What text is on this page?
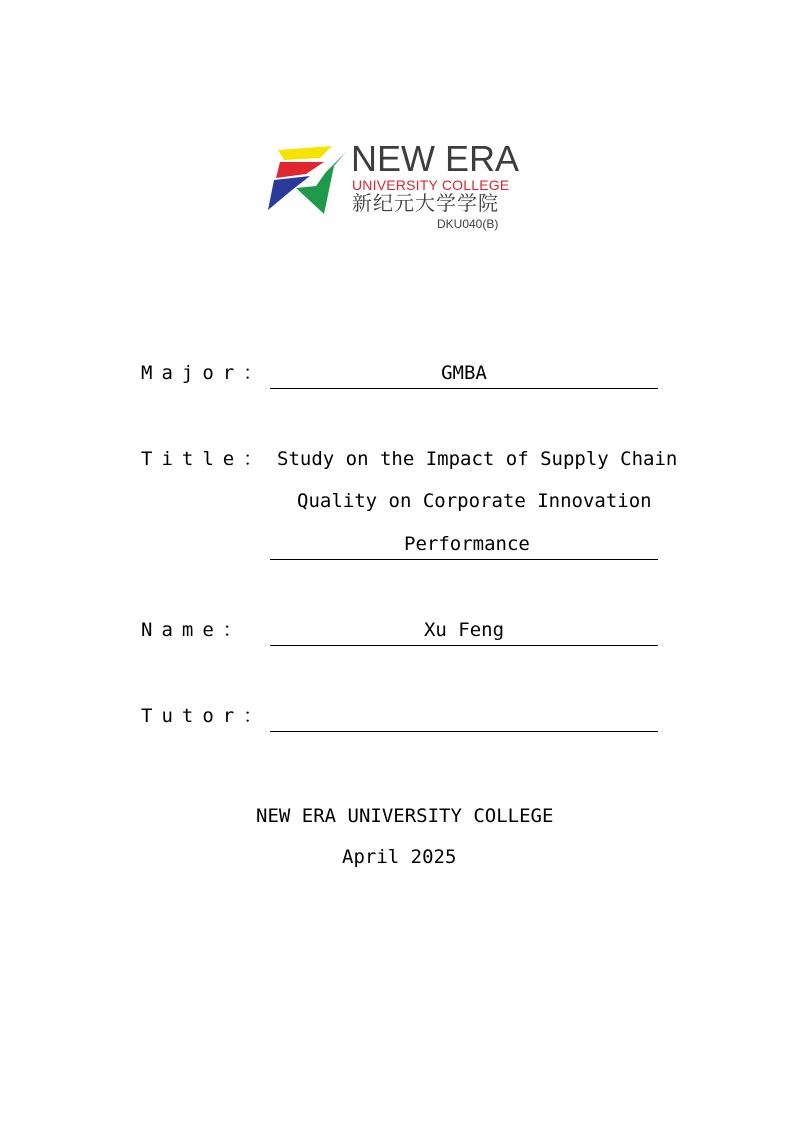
NEW ERA
UNIVERSITY COLLEGE
新纪元大学学院
DKU040(B)
Major：	GMBA
Title： Study on the Impact of Supply Chain
Quality on Corporate Innovation
Performance
Name：	Xu Feng
Tutor：
NEW ERA UNIVERSITY COLLEGE
April 2025
